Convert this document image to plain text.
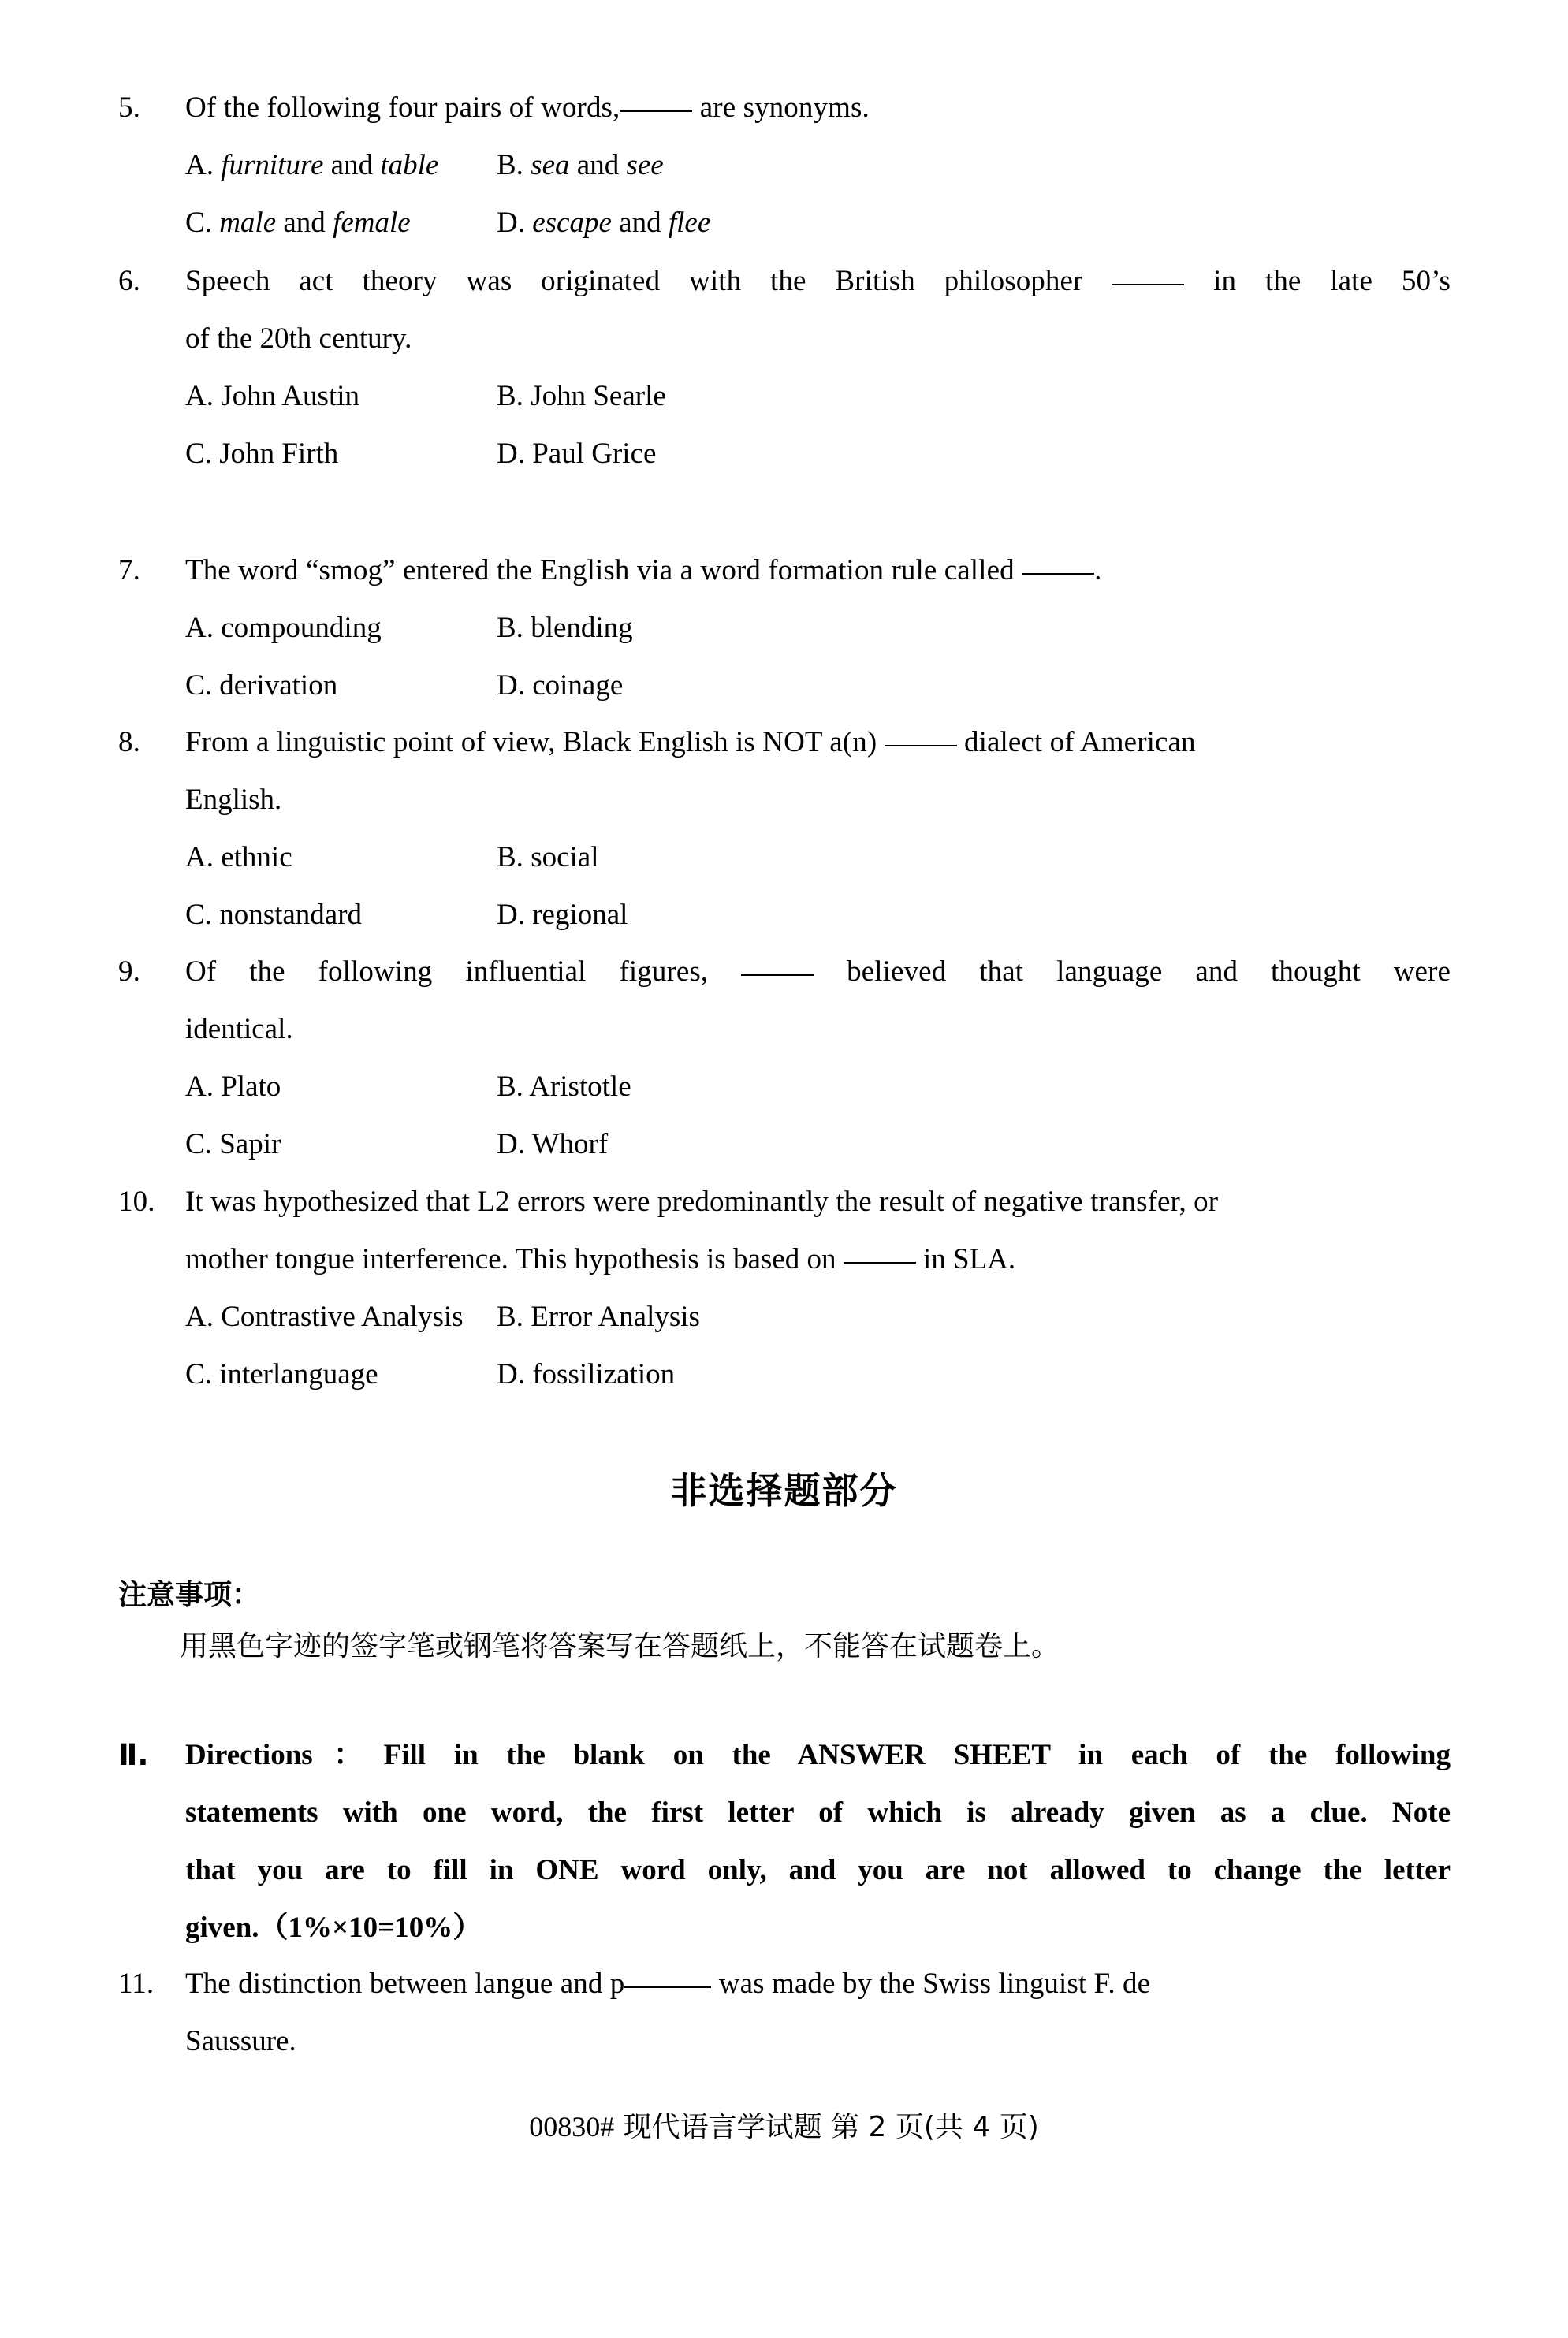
5.	Of the following four pairs of words,	are synonyms.
A. furniture and table	B. sea and see
C. male and female	D. escape and flee
6.	Speech act theory was originated with the British philosopher	in the late 50’s
of the 20th century.
A. John Austin	B. John Searle
C. John Firth	D. Paul Grice
7.	The word “smog” entered the English via a word formation rule called	.
A. compounding	B. blending
C. derivation	D. coinage
8.	From a linguistic point of view, Black English is NOT a(n)	dialect of American
English.
A. ethnic	B. social
C. nonstandard	D. regional
9.	Of the following influential figures,	believed that language and thought were
identical.
A. Plato	B. Aristotle
C. Sapir	D. Whorf
10.	It was hypothesized that L2 errors were predominantly the result of negative transfer, or
mother tongue interference. This hypothesis is based on	in SLA.
A. Contrastive Analysis	B. Error Analysis
C. interlanguage	D. fossilization
非选择题部分
注意事项：
用黑色字迹的签字笔或钢笔将答案写在答题纸上，不能答在试题卷上。
Ⅱ.	Directions：Fill in the blank on the ANSWER SHEET in each of the following
statements with one word, the first letter of which is already given as a clue. Note
that you are to fill in ONE word only, and you are not allowed to change the letter
given.（1%×10=10%）
11.	The distinction between langue and p	was made by the Swiss linguist F. de
Saussure.
00830# 现代语言学试题 第 2 页(共 4 页)
